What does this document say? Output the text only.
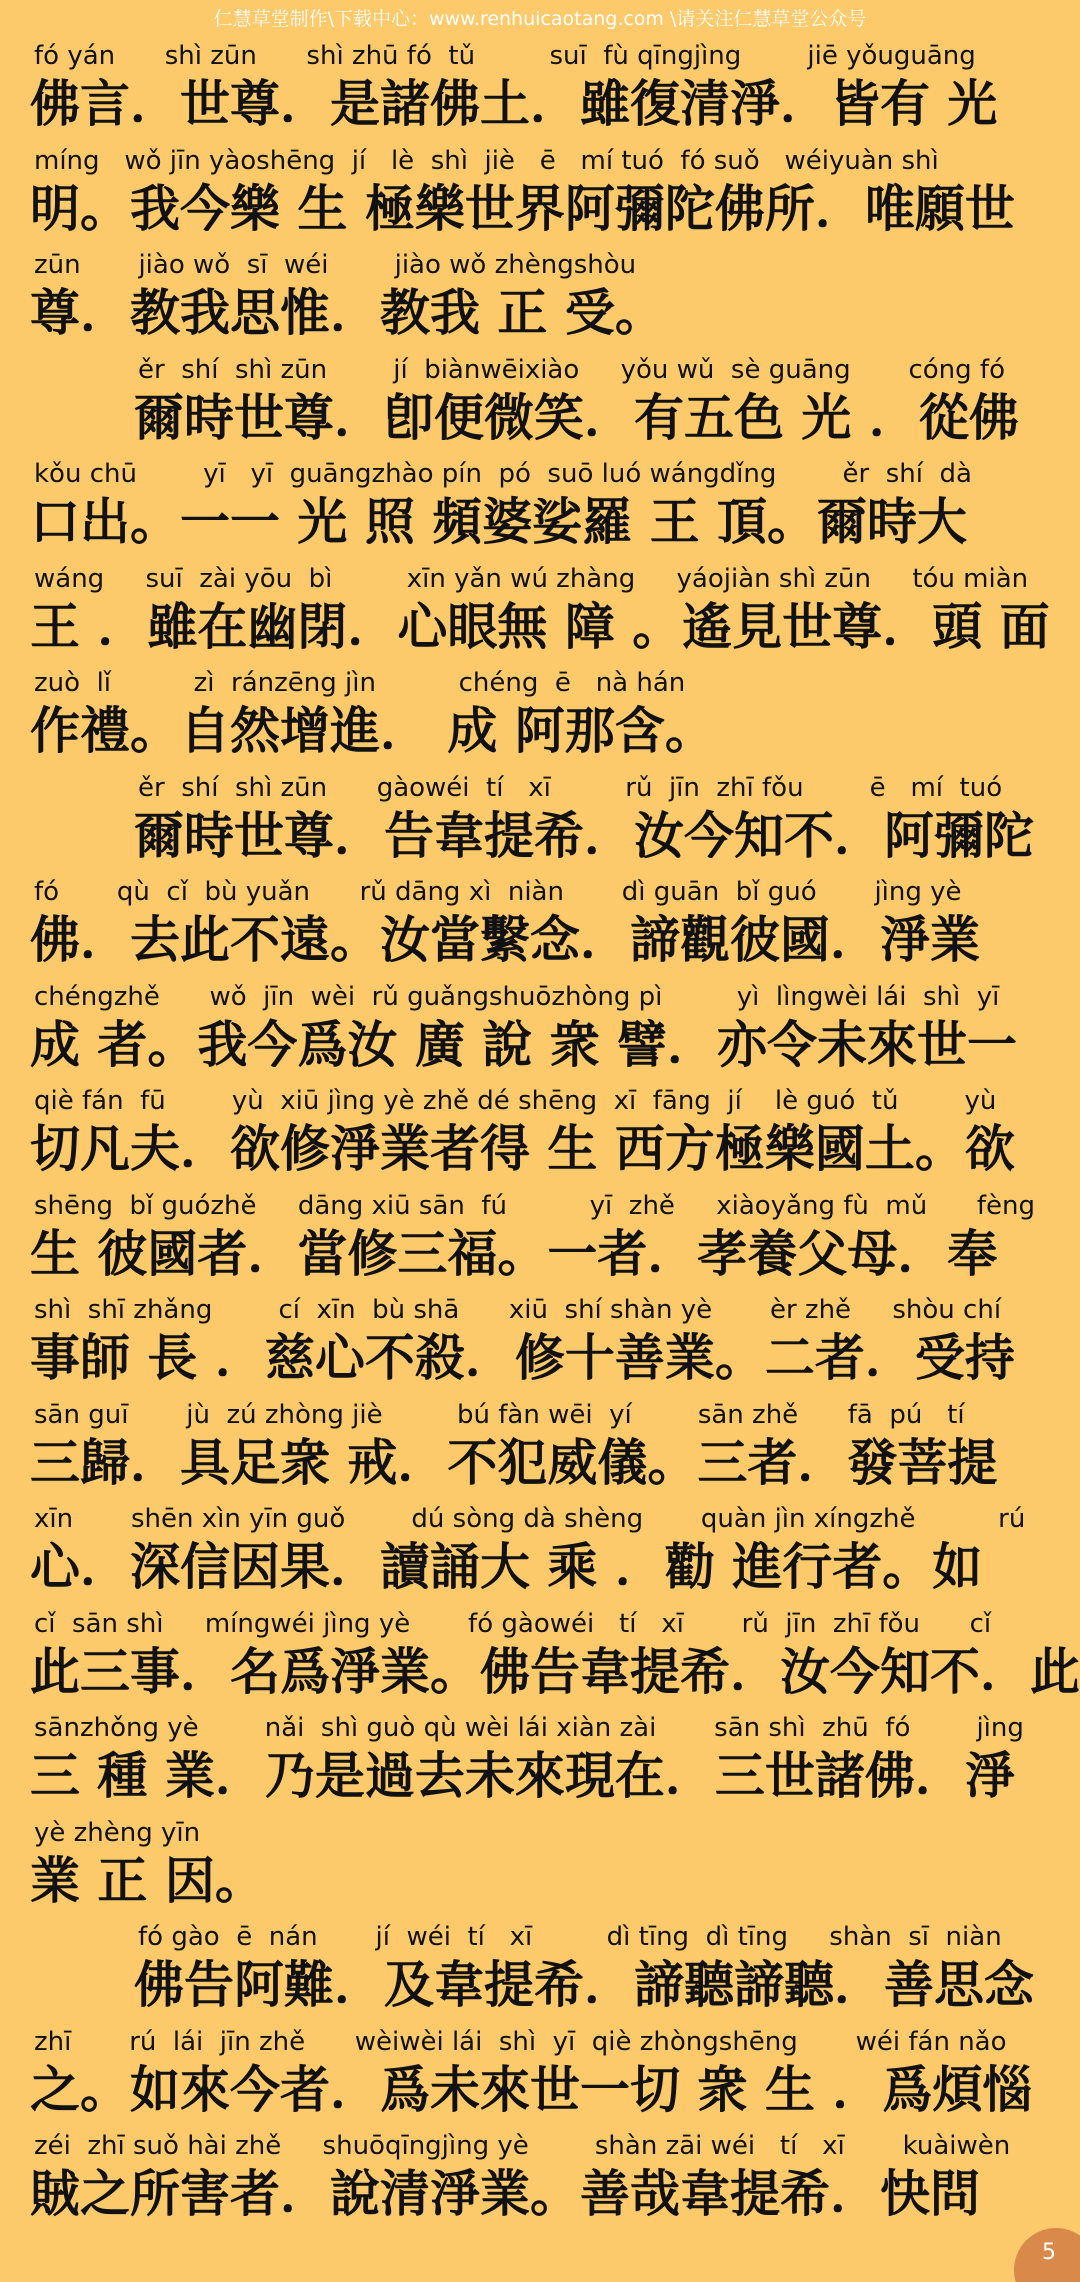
仁慧草堂制作\下载中心：www.renhuicaotang.com \请关注仁慧草堂公众号
fó yán      shì zūn      shì zhū fó  tǔ         suī  fù qīngjìng        jiē yǒuguāng
佛言．世尊．是諸佛土．雖復清淨．皆有 光
míng   wǒ jīn yàoshēng  jí   lè  shì  jiè   ē   mí tuó  fó suǒ   wéiyuàn shì
明。我今樂 生 極樂世界阿彌陀佛所．唯願世
zūn       jiào wǒ  sī  wéi        jiào wǒ zhèngshòu
尊．教我思惟．教我 正 受。
ěr  shí  shì zūn        jí  biànwēixiào     yǒu wǔ  sè guāng       cóng fó
爾時世尊．卽便微笑．有五色 光 ．從佛
kǒu chū        yī   yī  guāngzhào pín  pó  suō luó wángdǐng        ěr  shí  dà
口出。一一 光 照 頻婆娑羅 王 頂。爾時大
wáng     suī  zài yōu  bì         xīn yǎn wú zhàng     yáojiàn shì zūn     tóu miàn
王 ．雖在幽閉．心眼無 障 。遙見世尊．頭 面
zuò  lǐ          zì  ránzēng jìn          chéng  ē   nà hán
作禮。自然增進． 成 阿那含。
ěr  shí  shì zūn      gàowéi  tí   xī         rǔ  jīn  zhī fǒu        ē   mí  tuó
爾時世尊．告韋提希．汝今知不．阿彌陀
fó       qù  cǐ  bù yuǎn      rǔ dāng xì  niàn       dì guān  bǐ guó       jìng yè
佛．去此不遠。汝當繫念．諦觀彼國．淨業
chéngzhě      wǒ  jīn  wèi  rǔ guǎngshuōzhòng pì         yì  lìngwèi lái  shì  yī
成 者。我今爲汝 廣 說 衆 譬．亦令未來世一
qiè fán  fū        yù  xiū jìng yè zhě dé shēng  xī  fāng  jí    lè guó  tǔ        yù
切凡夫．欲修淨業者得 生 西方極樂國土。欲
shēng  bǐ guózhě     dāng xiū sān  fú          yī  zhě     xiàoyǎng fù  mǔ      fèng
生 彼國者．當修三福。一者．孝養父母．奉
shì  shī zhǎng        cí  xīn  bù shā      xiū  shí shàn yè       èr zhě     shòu chí
事師 長 ．慈心不殺．修十善業。二者．受持
sān guī       jù  zú zhòng jiè         bú fàn wēi  yí        sān zhě      fā  pú   tí
三歸．具足衆 戒．不犯威儀。三者．發菩提
xīn       shēn xìn yīn guǒ        dú sòng dà shèng       quàn jìn xíngzhě          rú
心．深信因果．讀誦大 乘 ．勸 進行者。如
cǐ  sān shì     míngwéi jìng yè       fó gàowéi   tí   xī       rǔ  jīn  zhī fǒu      cǐ
此三事．名爲淨業。佛告韋提希．汝今知不．此
sānzhǒng yè        nǎi  shì guò qù wèi lái xiàn zài       sān shì  zhū  fó        jìng
三 種 業．乃是過去未來現在．三世諸佛．淨
yè zhèng yīn
業 正 因。
fó gào  ē  nán       jí  wéi  tí   xī         dì tīng  dì tīng     shàn  sī  niàn
佛告阿難．及韋提希．諦聽諦聽．善思念
zhī       rú  lái  jīn zhě      wèiwèi lái  shì  yī  qiè zhòngshēng       wéi fán nǎo
之。如來今者．爲未來世一切 衆 生 ．爲煩惱
zéi  zhī suǒ hài zhě     shuōqīngjìng yè        shàn zāi wéi   tí   xī       kuàiwèn
賊之所害者．說清淨業。善哉韋提希．快問
5
